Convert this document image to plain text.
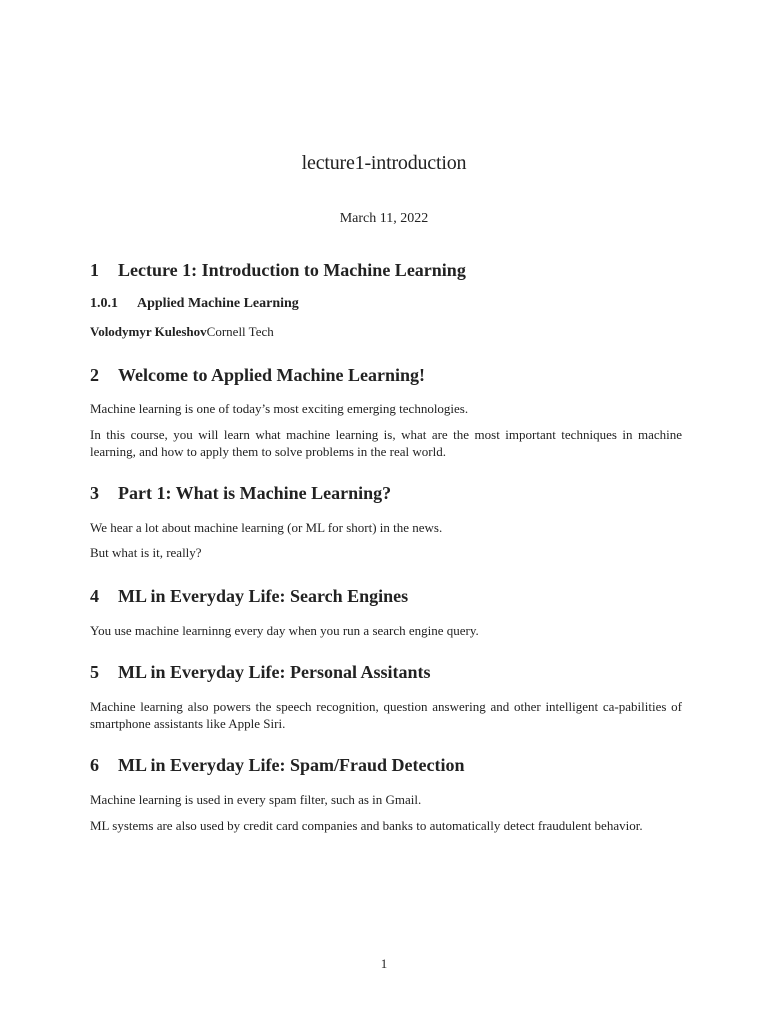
lecture1-introduction
March 11, 2022
1 Lecture 1: Introduction to Machine Learning
1.0.1 Applied Machine Learning
Volodymyr KuleshovCornell Tech
2 Welcome to Applied Machine Learning!
Machine learning is one of today’s most exciting emerging technologies.
In this course, you will learn what machine learning is, what are the most important techniques in machine learning, and how to apply them to solve problems in the real world.
3 Part 1: What is Machine Learning?
We hear a lot about machine learning (or ML for short) in the news.
But what is it, really?
4 ML in Everyday Life: Search Engines
You use machine learninng every day when you run a search engine query.
5 ML in Everyday Life: Personal Assitants
Machine learning also powers the speech recognition, question answering and other intelligent ca-pabilities of smartphone assistants like Apple Siri.
6 ML in Everyday Life: Spam/Fraud Detection
Machine learning is used in every spam filter, such as in Gmail.
ML systems are also used by credit card companies and banks to automatically detect fraudulent behavior.
1
